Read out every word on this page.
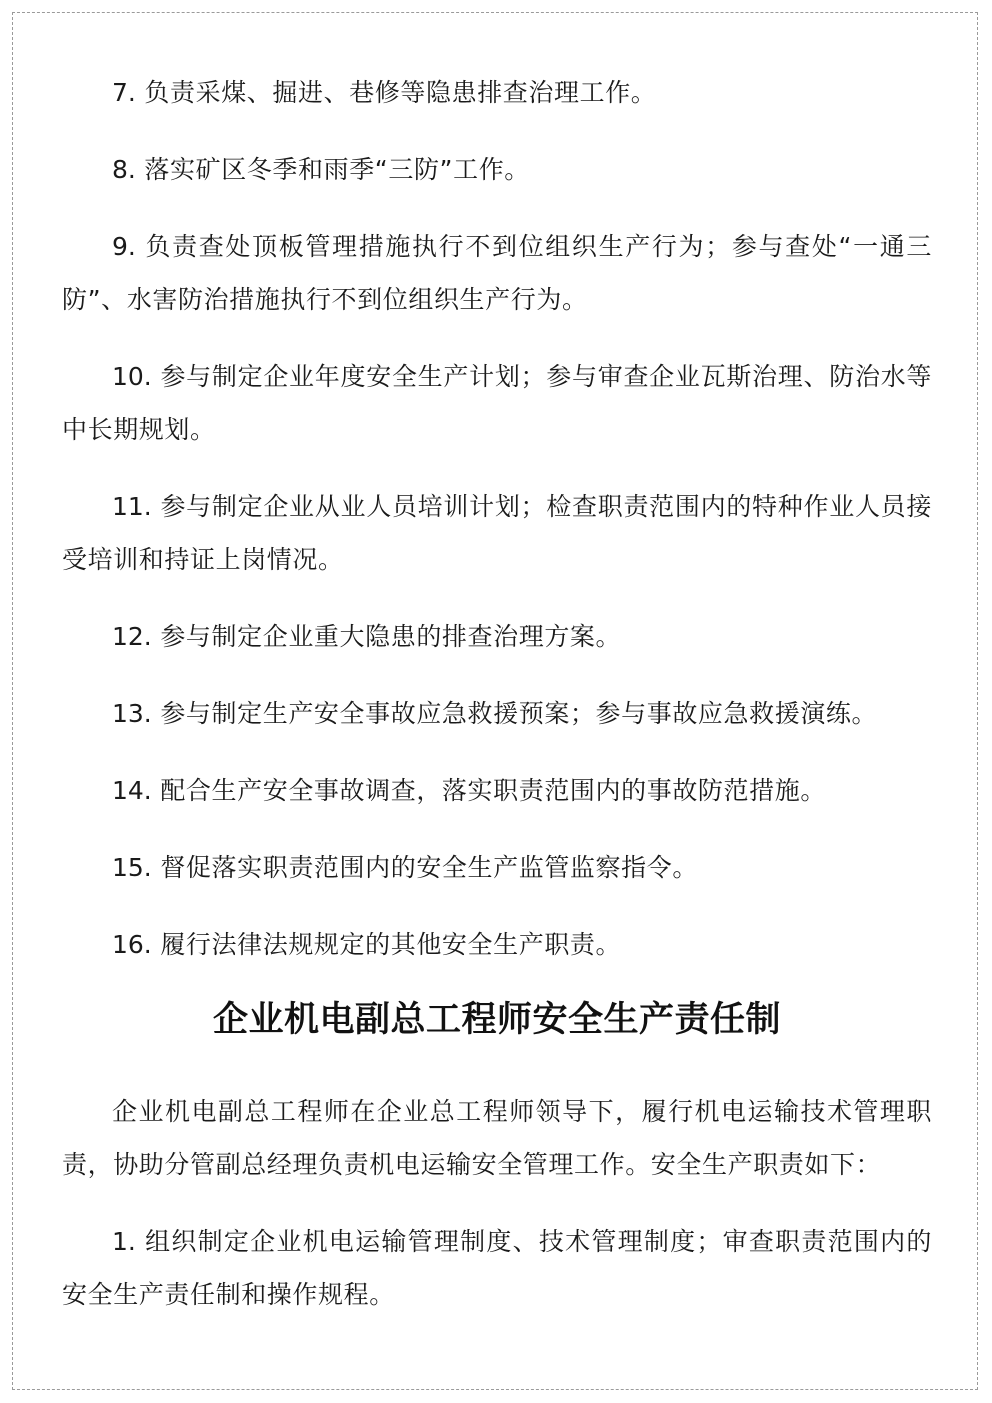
7. 负责采煤、掘进、巷修等隐患排查治理工作。

8. 落实矿区冬季和雨季“三防”工作。

9. 负责查处顶板管理措施执行不到位组织生产行为；参与查处“一通三防”、水害防治措施执行不到位组织生产行为。

10. 参与制定企业年度安全生产计划；参与审查企业瓦斯治理、防治水等中长期规划。

11. 参与制定企业从业人员培训计划；检查职责范围内的特种作业人员接受培训和持证上岗情况。

12. 参与制定企业重大隐患的排查治理方案。

13. 参与制定生产安全事故应急救援预案；参与事故应急救援演练。

14. 配合生产安全事故调查，落实职责范围内的事故防范措施。

15. 督促落实职责范围内的安全生产监管监察指令。

16. 履行法律法规规定的其他安全生产职责。

企业机电副总工程师安全生产责任制

企业机电副总工程师在企业总工程师领导下，履行机电运输技术管理职责，协助分管副总经理负责机电运输安全管理工作。安全生产职责如下：

1. 组织制定企业机电运输管理制度、技术管理制度；审查职责范围内的安全生产责任制和操作规程。
